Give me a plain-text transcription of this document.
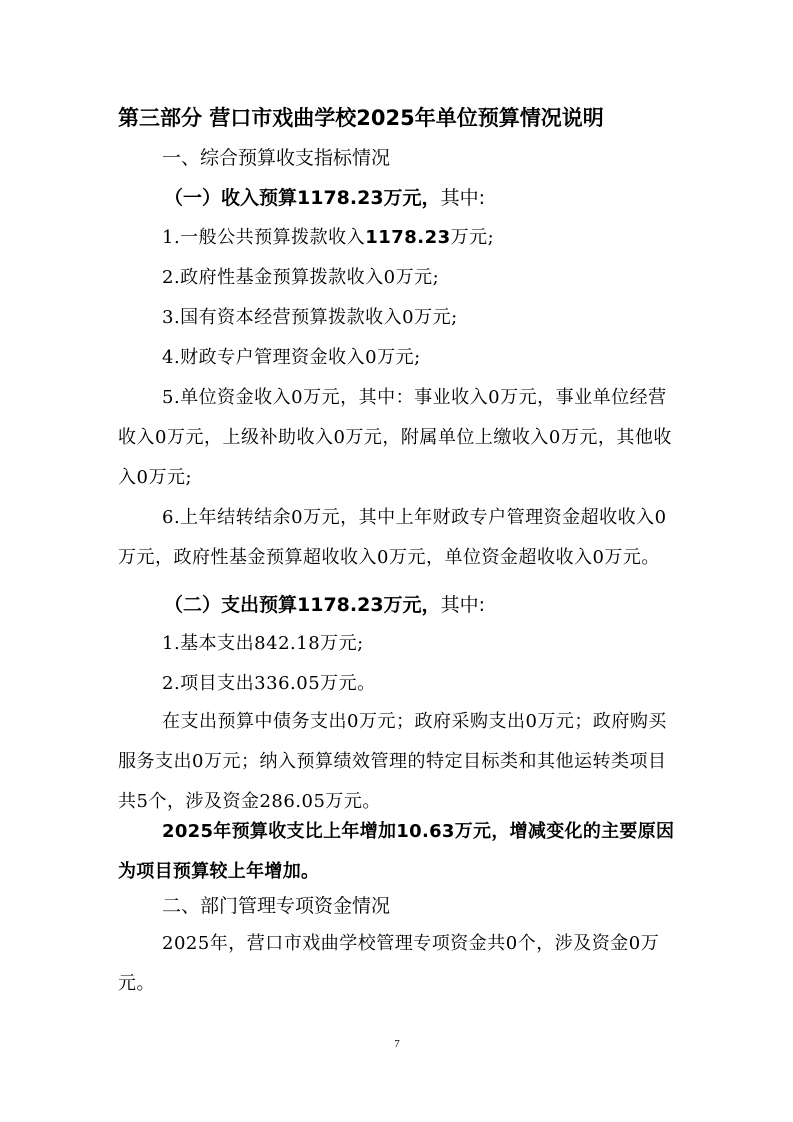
第三部分 营口市戏曲学校2025年单位预算情况说明
一、综合预算收支指标情况
（一）收入预算1178.23万元，其中:
1.一般公共预算拨款收入1178.23万元;
2.政府性基金预算拨款收入0万元;
3.国有资本经营预算拨款收入0万元;
4.财政专户管理资金收入0万元;
5.单位资金收入0万元，其中：事业收入0万元，事业单位经营收入0万元，上级补助收入0万元，附属单位上缴收入0万元，其他收入0万元;
6.上年结转结余0万元，其中上年财政专户管理资金超收收入0万元，政府性基金预算超收收入0万元，单位资金超收收入0万元。
（二）支出预算1178.23万元，其中:
1.基本支出842.18万元;
2.项目支出336.05万元。
在支出预算中债务支出0万元；政府采购支出0万元；政府购买服务支出0万元；纳入预算绩效管理的特定目标类和其他运转类项目共5个，涉及资金286.05万元。
2025年预算收支比上年增加10.63万元，增减变化的主要原因为项目预算较上年增加。
二、部门管理专项资金情况
2025年，营口市戏曲学校管理专项资金共0个，涉及资金0万元。
7
